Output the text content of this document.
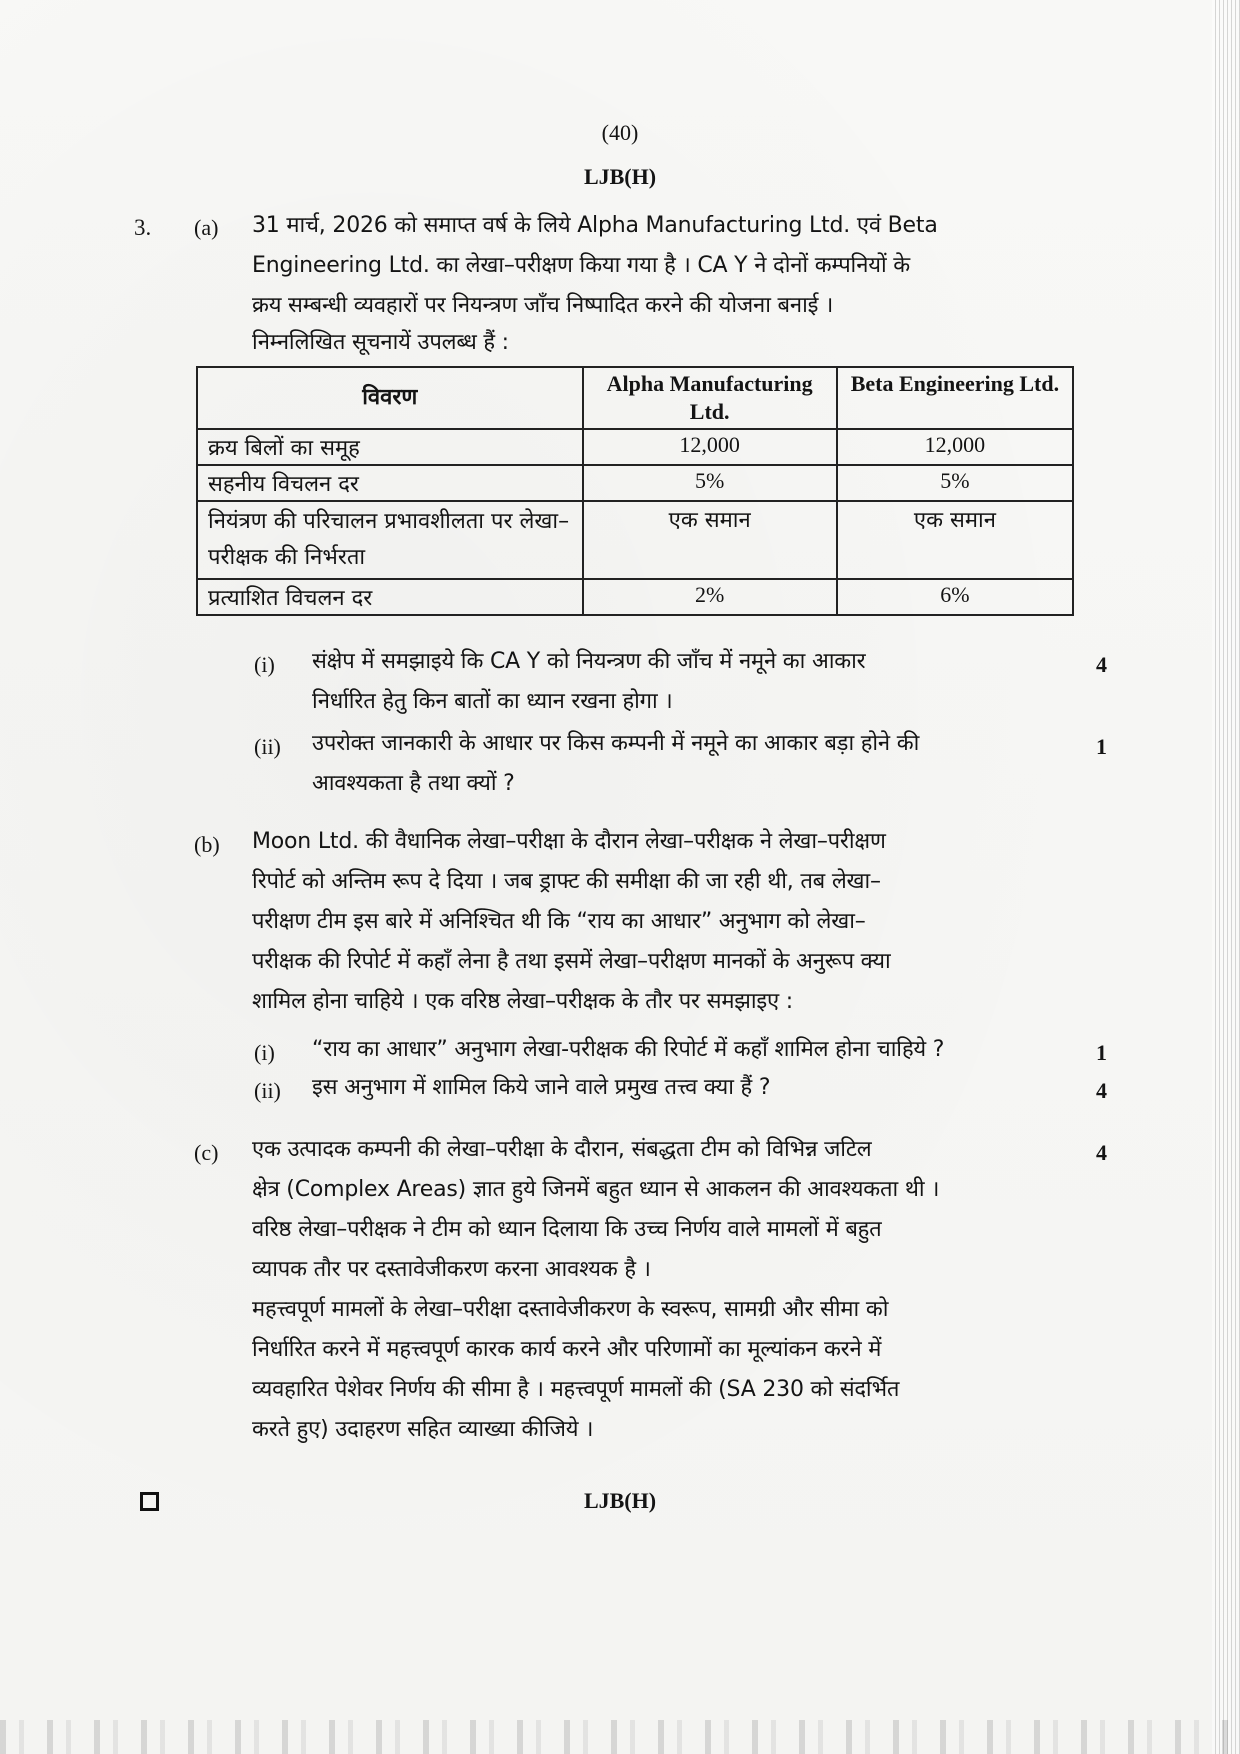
(40)
LJB(H)
3. (a) 31 मार्च, 2026 को समाप्त वर्ष के लिये Alpha Manufacturing Ltd. एवं Beta
Engineering Ltd. का लेखा–परीक्षण किया गया है । CA Y ने दोनों कम्पनियों के
क्रय सम्बन्धी व्यवहारों पर नियन्त्रण जाँच निष्पादित करने की योजना बनाई ।
निम्नलिखित सूचनायें उपलब्ध हैं :
विवरण	Alpha Manufacturing Ltd.	Beta Engineering Ltd.
क्रय बिलों का समूह	12,000	12,000
सहनीय विचलन दर	5%	5%
नियंत्रण की परिचालन प्रभावशीलता पर लेखा–परीक्षक की निर्भरता	एक समान	एक समान
प्रत्याशित विचलन दर	2%	6%
(i) संक्षेप में समझाइये कि CA Y को नियन्त्रण की जाँच में नमूने का आकार
निर्धारित हेतु किन बातों का ध्यान रखना होगा ।
4
(ii) उपरोक्त जानकारी के आधार पर किस कम्पनी में नमूने का आकार बड़ा होने की
आवश्यकता है तथा क्यों ?
1
(b) Moon Ltd. की वैधानिक लेखा–परीक्षा के दौरान लेखा–परीक्षक ने लेखा–परीक्षण
रिपोर्ट को अन्तिम रूप दे दिया । जब ड्राफ्ट की समीक्षा की जा रही थी, तब लेखा–
परीक्षण टीम इस बारे में अनिश्चित थी कि “राय का आधार” अनुभाग को लेखा–
परीक्षक की रिपोर्ट में कहाँ लेना है तथा इसमें लेखा–परीक्षण मानकों के अनुरूप क्या
शामिल होना चाहिये । एक वरिष्ठ लेखा–परीक्षक के तौर पर समझाइए :
(i) “राय का आधार” अनुभाग लेखा-परीक्षक की रिपोर्ट में कहाँ शामिल होना चाहिये ?	1
(ii) इस अनुभाग में शामिल किये जाने वाले प्रमुख तत्त्व क्या हैं ?	4
(c)	4
एक उत्पादक कम्पनी की लेखा–परीक्षा के दौरान, संबद्धता टीम को विभिन्न जटिल
क्षेत्र (Complex Areas) ज्ञात हुये जिनमें बहुत ध्यान से आकलन की आवश्यकता थी ।
वरिष्ठ लेखा–परीक्षक ने टीम को ध्यान दिलाया कि उच्च निर्णय वाले मामलों में बहुत
व्यापक तौर पर दस्तावेजीकरण करना आवश्यक है ।
महत्त्वपूर्ण मामलों के लेखा–परीक्षा दस्तावेजीकरण के स्वरूप, सामग्री और सीमा को
निर्धारित करने में महत्त्वपूर्ण कारक कार्य करने और परिणामों का मूल्यांकन करने में
व्यवहारित पेशेवर निर्णय की सीमा है । महत्त्वपूर्ण मामलों की (SA 230 को संदर्भित
करते हुए) उदाहरण सहित व्याख्या कीजिये ।
LJB(H)
